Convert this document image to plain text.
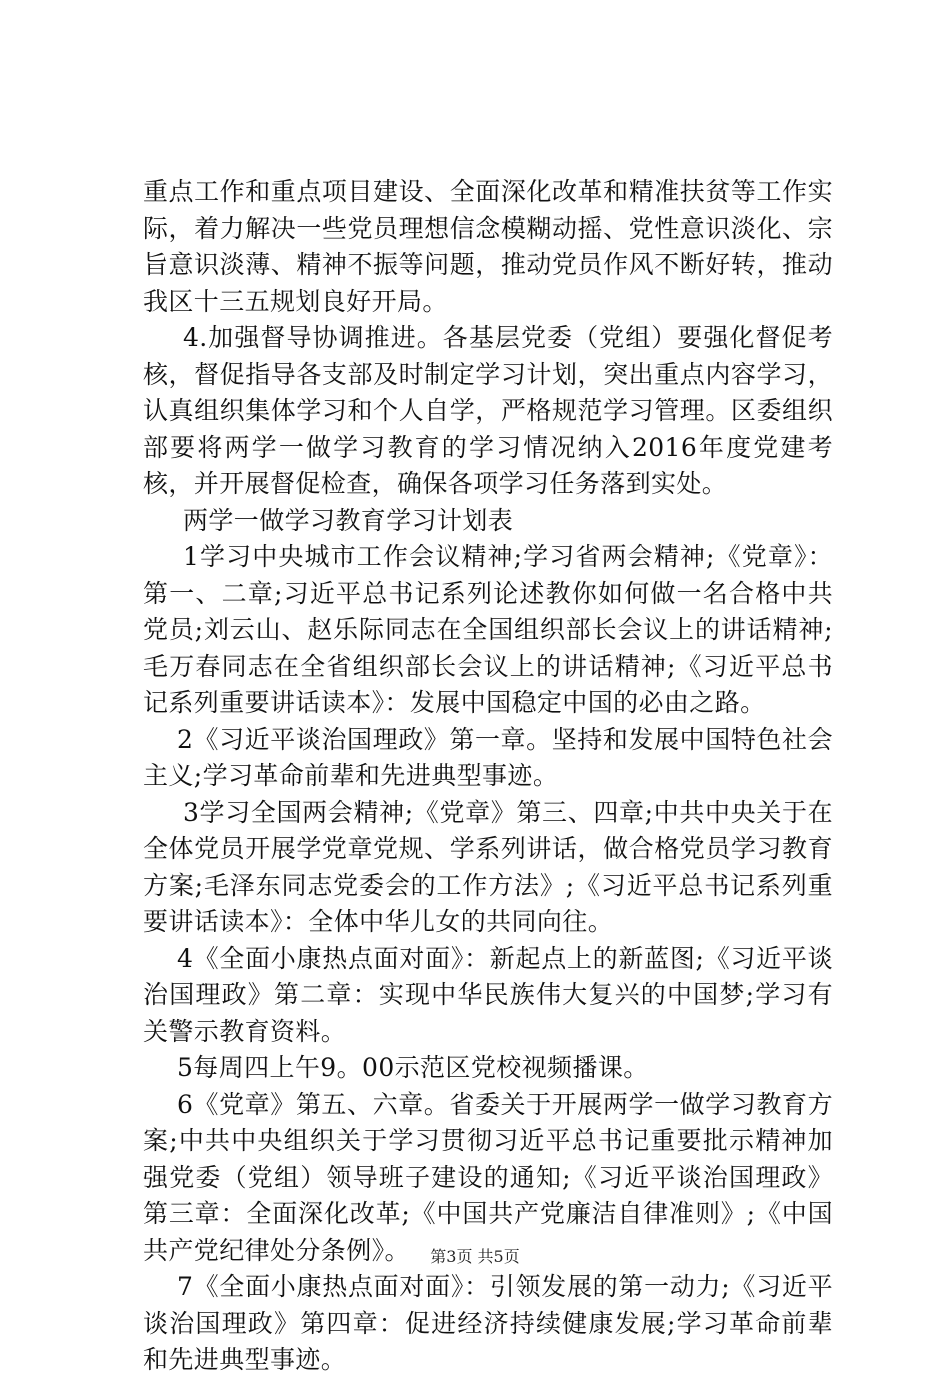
重点工作和重点项目建设、全面深化改革和精准扶贫等工作实际，着力解决一些党员理想信念模糊动摇、党性意识淡化、宗旨意识淡薄、精神不振等问题，推动党员作风不断好转，推动我区十三五规划良好开局。

4.加强督导协调推进。各基层党委（党组）要强化督促考核，督促指导各支部及时制定学习计划，突出重点内容学习，认真组织集体学习和个人自学，严格规范学习管理。区委组织部要将两学一做学习教育的学习情况纳入2016年度党建考核，并开展督促检查，确保各项学习任务落到实处。

两学一做学习教育学习计划表

1学习中央城市工作会议精神;学习省两会精神;《党章》：第一、二章;习近平总书记系列论述教你如何做一名合格中共党员;刘云山、赵乐际同志在全国组织部长会议上的讲话精神;毛万春同志在全省组织部长会议上的讲话精神;《习近平总书记系列重要讲话读本》：发展中国稳定中国的必由之路。

2《习近平谈治国理政》第一章。坚持和发展中国特色社会主义;学习革命前辈和先进典型事迹。

3学习全国两会精神;《党章》第三、四章;中共中央关于在全体党员开展学党章党规、学系列讲话，做合格党员学习教育方案;毛泽东同志党委会的工作方法》;《习近平总书记系列重要讲话读本》：全体中华儿女的共同向往。

4《全面小康热点面对面》：新起点上的新蓝图;《习近平谈治国理政》第二章：实现中华民族伟大复兴的中国梦;学习有关警示教育资料。

5每周四上午9。00示范区党校视频播课。

6《党章》第五、六章。省委关于开展两学一做学习教育方案;中共中央组织关于学习贯彻习近平总书记重要批示精神加强党委（党组）领导班子建设的通知;《习近平谈治国理政》第三章：全面深化改革;《中国共产党廉洁自律准则》;《中国共产党纪律处分条例》。

7《全面小康热点面对面》：引领发展的第一动力;《习近平谈治国理政》第四章：促进经济持续健康发展;学习革命前辈和先进典型事迹。

第3页 共5页
